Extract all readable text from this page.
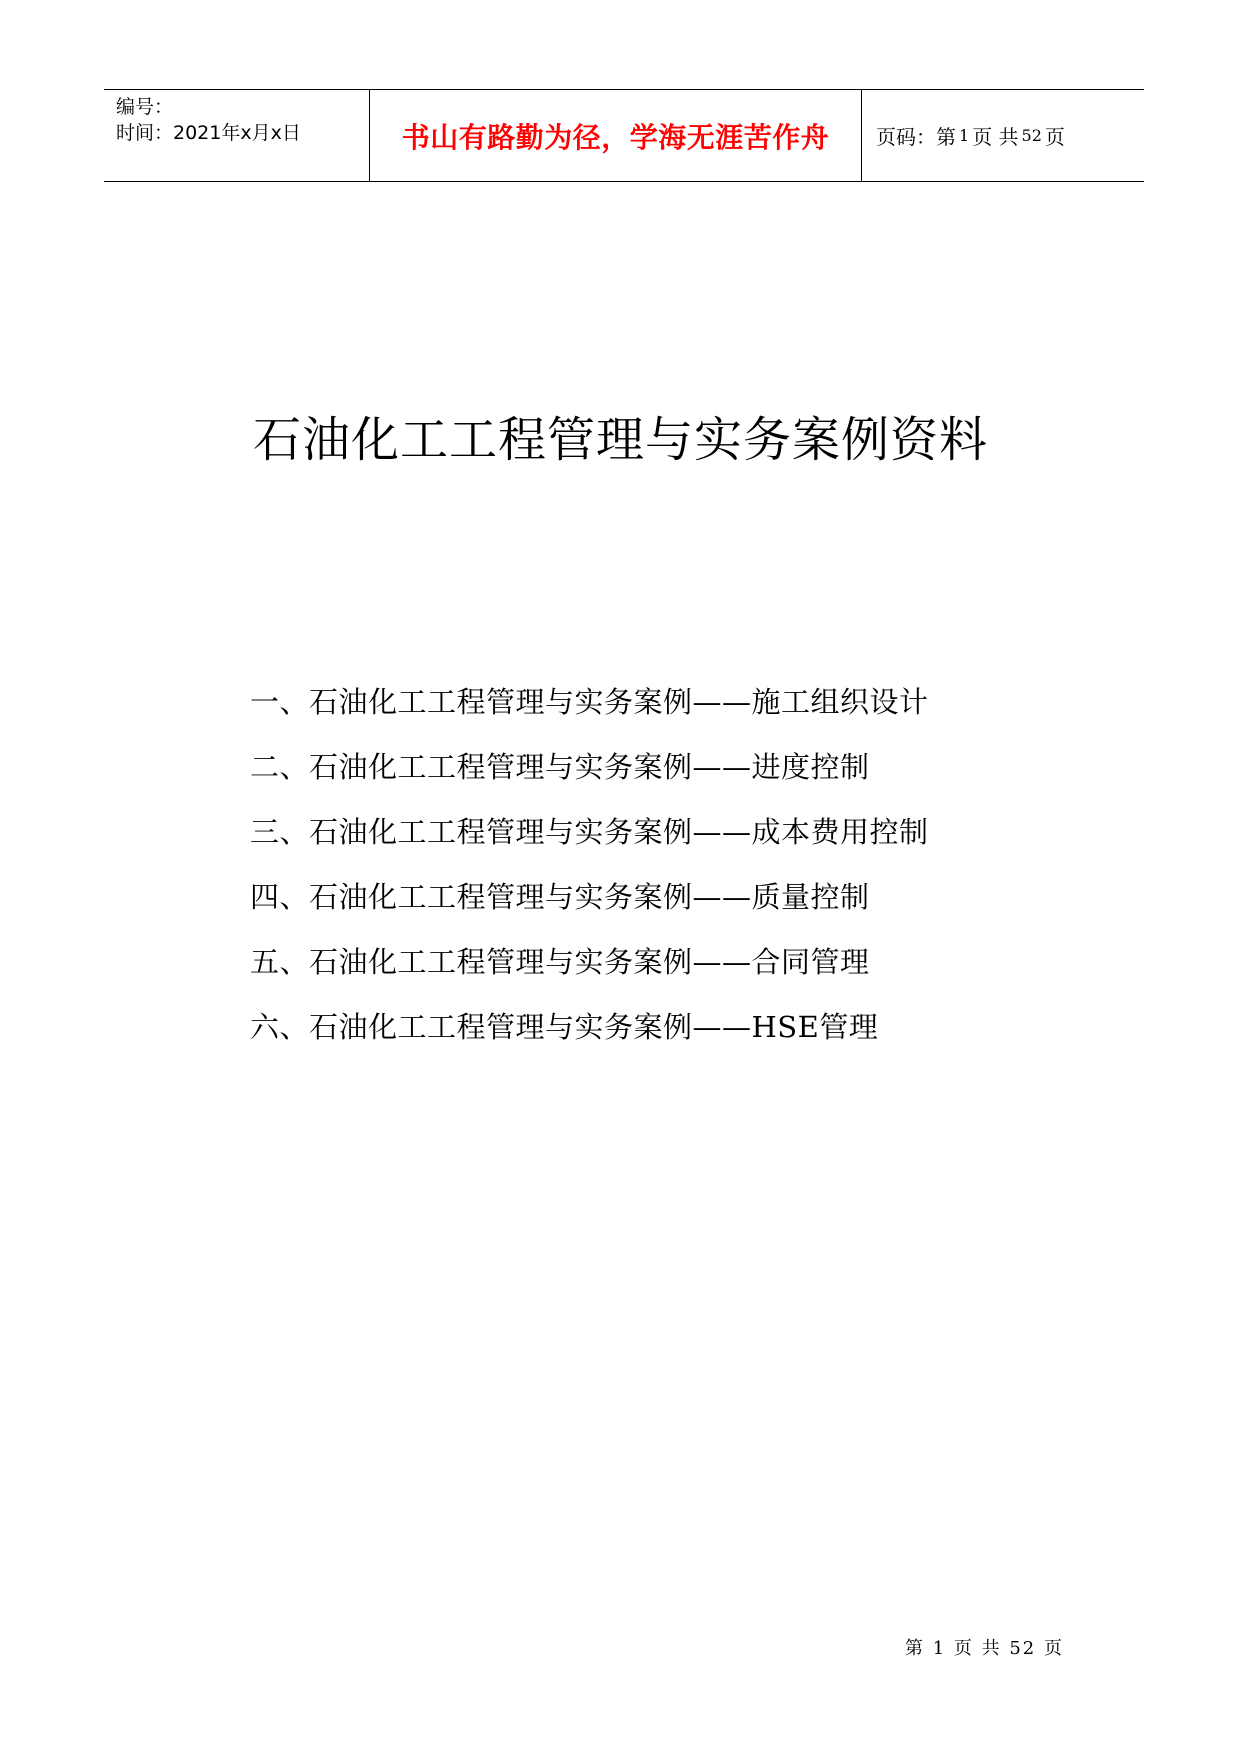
编号：
时间：2021年x月x日	书山有路勤为径，学海无涯苦作舟 页码：第 1 页 共 52 页
石油化工工程管理与实务案例资料
一、石油化工工程管理与实务案例——施工组织设计
二、石油化工工程管理与实务案例——进度控制
三、石油化工工程管理与实务案例——成本费用控制
四、石油化工工程管理与实务案例——质量控制
五、石油化工工程管理与实务案例——合同管理
六、石油化工工程管理与实务案例——HSE管理
第 1 页 共 52 页
